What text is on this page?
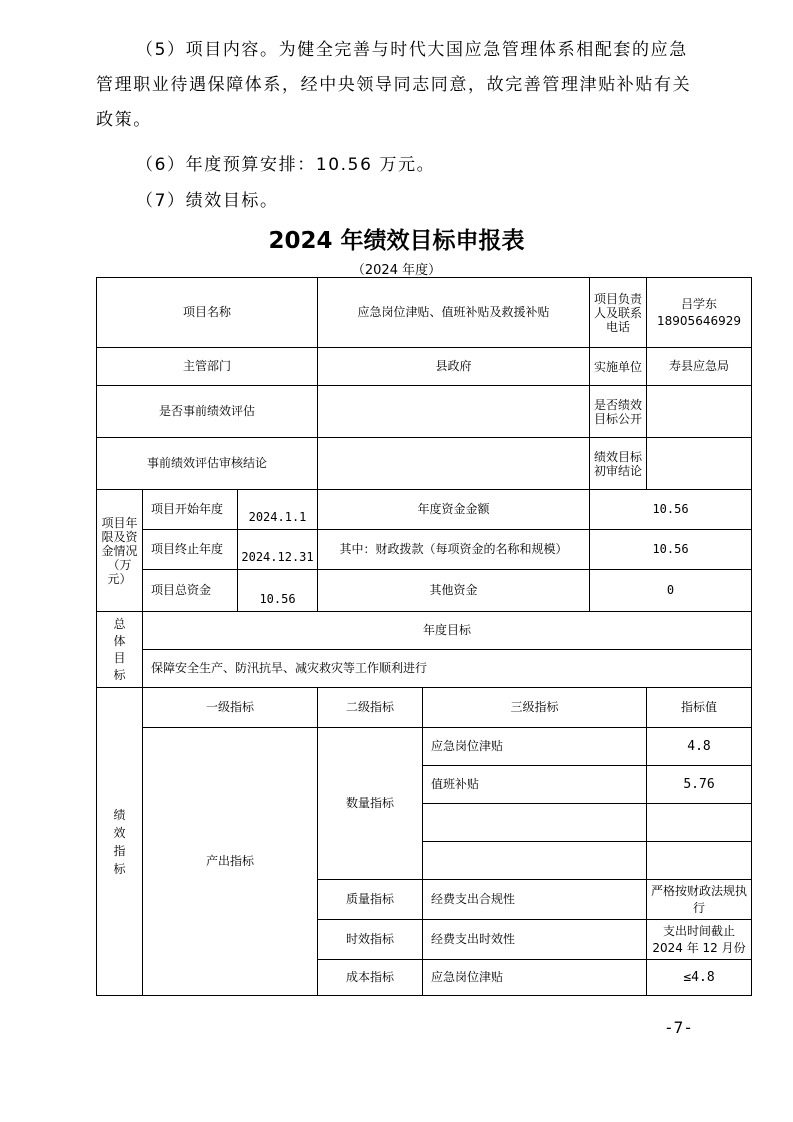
（5）项目内容。为健全完善与时代大国应急管理体系相配套的应急管理职业待遇保障体系，经中央领导同志同意，故完善管理津贴补贴有关政策。
（6）年度预算安排：10.56 万元。
（7）绩效目标。
2024 年绩效目标申报表
（2024 年度）
项目名称			应急岗位津贴、值班补贴及救援补贴		项目负责人及联系电话	吕学东 18905646929

主管部门			县政府		实施单位	寿县应急局
是否事前绩效评估					是否绩效目标公开	
事前绩效评估审核结论					绩效目标初审结论	
项目年限及资金情况（万元）	项目开始年度	2024.1.1	年度资金金额		10.56	
	项目终止年度	2024.12.31	其中：财政拨款（每项资金的名称和规模）		10.56	
	项目总资金	10.56	其他资金		0	

总体目标	年度目标					
	保障安全生产、防汛抗旱、减灾救灾等工作顺利进行					

绩效指标	一级指标		二级指标	三级指标		指标值
	产出指标		数量指标	应急岗位津贴		4.8
				值班补贴		5.76

			质量指标	经费支出合规性		严格按财政法规执行

			时效指标	经费支出时效性		支出时间截止 2024 年 12 月份

			成本指标	应急岗位津贴		≤4.8
-7-
